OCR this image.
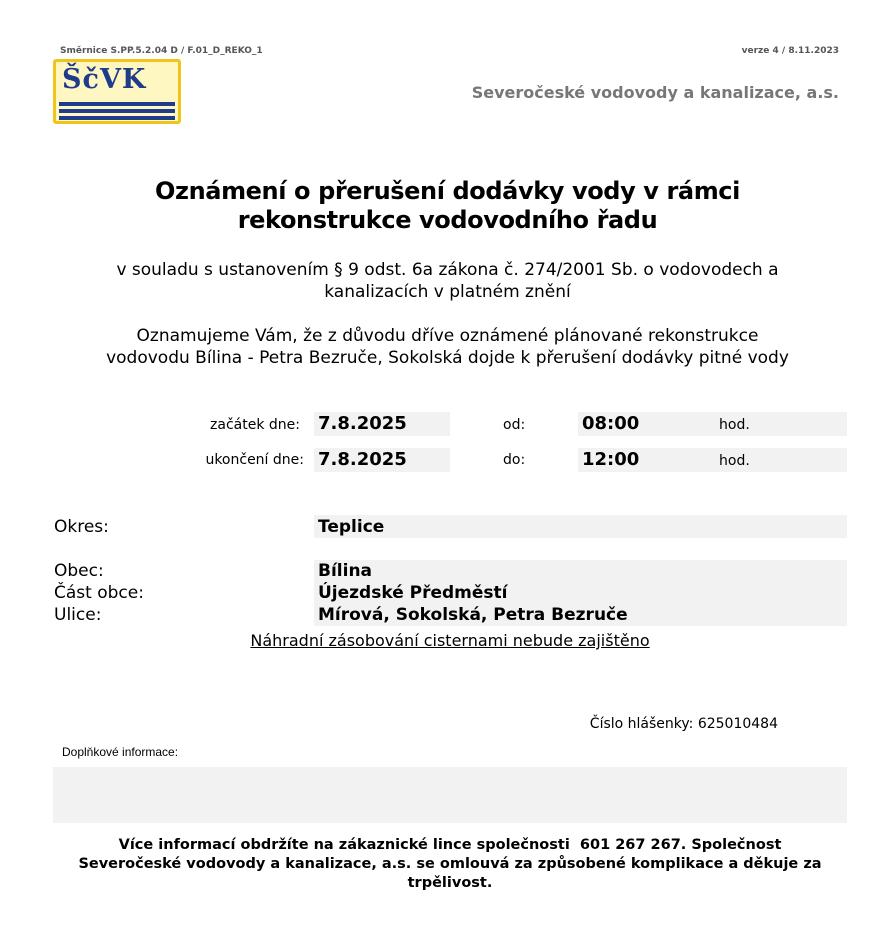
Směrnice S.PP.5.2.04 D / F.01_D_REKO_1	verze 4 / 8.11.2023
ŠčVK	Severočeské vodovody a kanalizace, a.s.
Oznámení o přerušení dodávky vody v rámci
rekonstrukce vodovodního řadu
v souladu s ustanovením § 9 odst. 6a zákona č. 274/2001 Sb. o vodovodech a
kanalizacích v platném znění
Oznamujeme Vám, že z důvodu dříve oznámené plánované rekonstrukce
vodovodu Bílina - Petra Bezruče, Sokolská dojde k přerušení dodávky pitné vody
začátek dne: 7.8.2025	od:	08:00	hod.
ukončení dne: 7.8.2025	do:	12:00	hod.
Okres:	Teplice
Obec:	Bílina
Část obce:	Újezdské Předměstí
Ulice:	Mírová, Sokolská, Petra Bezruče
Náhradní zásobování cisternami nebude zajištěno
Číslo hlášenky: 625010484
Doplňkové informace:
Více informací obdržíte na zákaznické lince společnosti  601 267 267. Společnost
Severočeské vodovody a kanalizace, a.s. se omlouvá za způsobené komplikace a děkuje za
trpělivost.
